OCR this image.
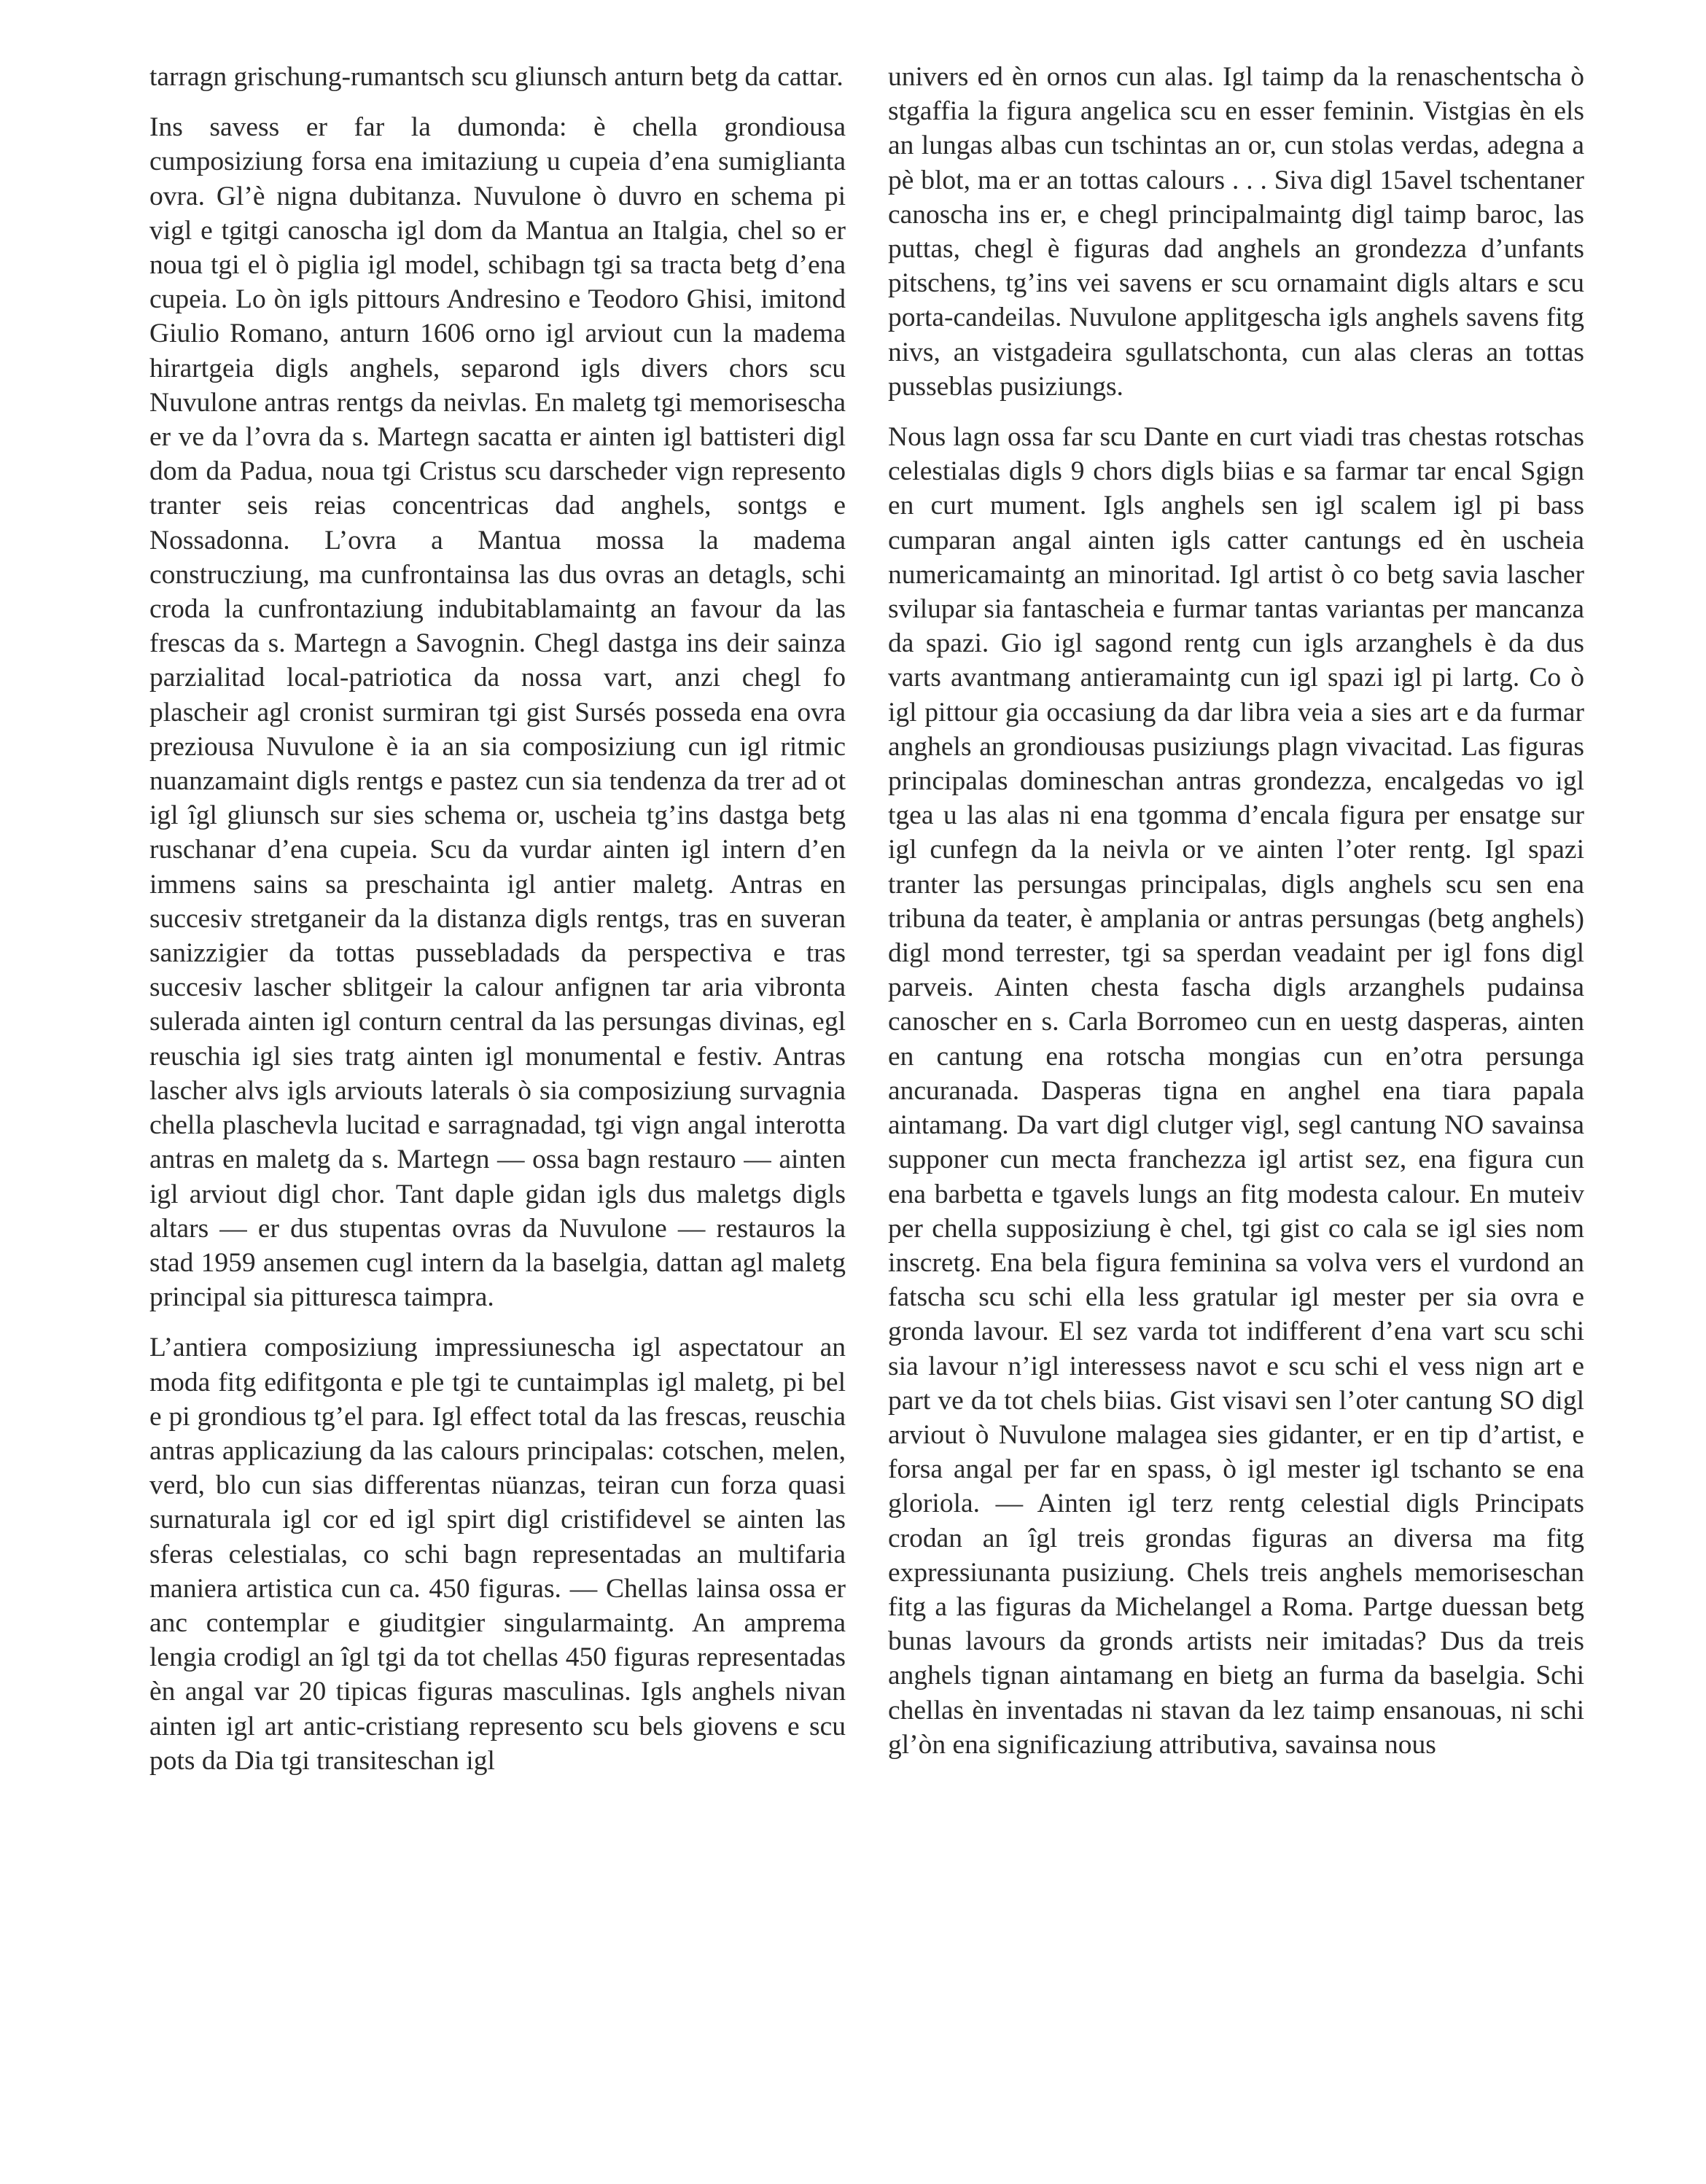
tarragn grischung-rumantsch scu gliunsch anturn betg da cattar.

Ins savess er far la dumonda: è chella grondiousa cumposiziung forsa ena imitaziung u cupeia d’ena sumiglianta ovra. Gl’è nigna dubitanza. Nuvulone ò duvro en schema pi vigl e tgitgi canoscha igl dom da Mantua an Italgia, chel so er noua tgi el ò piglia igl model, schibagn tgi sa tracta betg d’ena cupeia. Lo òn igls pittours Andresino e Teodoro Ghisi, imitond Giulio Romano, anturn 1606 orno igl arviout cun la madema hirartgeia digls anghels, separond igls divers chors scu Nuvulone antras rentgs da neivlas. En maletg tgi memorisescha er ve da l’ovra da s. Martegn sacatta er ainten igl battisteri digl dom da Padua, noua tgi Cristus scu darscheder vign represento tranter seis reias concentricas dad anghels, sontgs e Nossadonna. L’ovra a Mantua mossa la madema construcziung, ma cunfrontainsa las dus ovras an detagls, schi croda la cunfrontaziung indubitablamaintg an favour da las frescas da s. Martegn a Savognin. Chegl dastga ins deir sainza parzialitad local-patriotica da nossa vart, anzi chegl fo plascheir agl cronist surmiran tgi gist Sursés posseda ena ovra preziousa Nuvulone è ia an sia composiziung cun igl ritmic nuanzamaint digls rentgs e pastez cun sia tendenza da trer ad ot igl îgl gliunsch sur sies schema or, uscheia tg’ins dastga betg ruschanar d’ena cupeia. Scu da vurdar ainten igl intern d’en immens sains sa preschainta igl antier maletg. Antras en succesiv stretganeir da la distanza digls rentgs, tras en suveran sanizzigier da tottas pussebladads da perspectiva e tras succesiv lascher sblitgeir la calour anfignen tar aria vibronta sulerada ainten igl conturn central da las persungas divinas, egl reuschia igl sies tratg ainten igl monumental e festiv. Antras lascher alvs igls arviouts laterals ò sia composiziung survagnia chella plaschevla lucitad e sarragnadad, tgi vign angal interotta antras en maletg da s. Martegn — ossa bagn restauro — ainten igl arviout digl chor. Tant daple gidan igls dus maletgs digls altars — er dus stupentas ovras da Nuvulone — restauros la stad 1959 ansemen cugl intern da la baselgia, dattan agl maletg principal sia pitturesca taimpra.

L’antiera composiziung impressiunescha igl aspectatour an moda fitg edifitgonta e ple tgi te cuntaimplas igl maletg, pi bel e pi grondious tg’el para. Igl effect total da las frescas, reuschia antras applicaziung da las calours principalas: cotschen, melen, verd, blo cun sias differentas nüanzas, teiran cun forza quasi surnaturala igl cor ed igl spirt digl cristifidevel se ainten las sferas celestialas, co schi bagn representadas an multifaria maniera artistica cun ca. 450 figuras. — Chellas lainsa ossa er anc contemplar e giuditgier singularmaintg. An amprema lengia crodigl an îgl tgi da tot chellas 450 figuras representadas èn angal var 20 tipicas figuras masculinas. Igls anghels nivan ainten igl art antic-cristiang represento scu bels giovens e scu pots da Dia tgi transiteschan igl

univers ed èn ornos cun alas. Igl taimp da la renaschentscha ò stgaffia la figura angelica scu en esser feminin. Vistgias èn els an lungas albas cun tschintas an or, cun stolas verdas, adegna a pè blot, ma er an tottas calours . . . Siva digl 15avel tschentaner canoscha ins er, e chegl principalmaintg digl taimp baroc, las puttas, chegl è figuras dad anghels an grondezza d’unfants pitschens, tg’ins vei savens er scu ornamaint digls altars e scu porta-candeilas. Nuvulone applitgescha igls anghels savens fitg nivs, an vistgadeira sgullatschonta, cun alas cleras an tottas pusseblas pusiziungs.

Nous lagn ossa far scu Dante en curt viadi tras chestas rotschas celestialas digls 9 chors digls biias e sa farmar tar encal Sgign en curt mument. Igls anghels sen igl scalem igl pi bass cumparan angal ainten igls catter cantungs ed èn uscheia numericamaintg an minoritad. Igl artist ò co betg savia lascher svilupar sia fantascheia e furmar tantas variantas per mancanza da spazi. Gio igl sagond rentg cun igls arzanghels è da dus varts avantmang antieramaintg cun igl spazi igl pi lartg. Co ò igl pittour gia occasiung da dar libra veia a sies art e da furmar anghels an grondiousas pusiziungs plagn vivacitad. Las figuras principalas domineschan antras grondezza, encalgedas vo igl tgea u las alas ni ena tgomma d’encala figura per ensatge sur igl cunfegn da la neivla or ve ainten l’oter rentg. Igl spazi tranter las persungas principalas, digls anghels scu sen ena tribuna da teater, è amplania or antras persungas (betg anghels) digl mond terrester, tgi sa sperdan veadaint per igl fons digl parveis. Ainten chesta fascha digls arzanghels pudainsa canoscher en s. Carla Borromeo cun en uestg dasperas, ainten en cantung ena rotscha mongias cun en’otra persunga ancuranada. Dasperas tigna en anghel ena tiara papala aintamang. Da vart digl clutger vigl, segl cantung NO savainsa supponer cun mecta franchezza igl artist sez, ena figura cun ena barbetta e tgavels lungs an fitg modesta calour. En muteiv per chella supposiziung è chel, tgi gist co cala se igl sies nom inscretg. Ena bela figura feminina sa volva vers el vurdond an fatscha scu schi ella less gratular igl mester per sia ovra e gronda lavour. El sez varda tot indifferent d’ena vart scu schi sia lavour n’igl interessess navot e scu schi el vess nign art e part ve da tot chels biias. Gist visavi sen l’oter cantung SO digl arviout ò Nuvulone malagea sies gidanter, er en tip d’artist, e forsa angal per far en spass, ò igl mester igl tschanto se ena gloriola. — Ainten igl terz rentg celestial digls Principats crodan an îgl treis grondas figuras an diversa ma fitg expressiunanta pusiziung. Chels treis anghels memoriseschan fitg a las figuras da Michelangel a Roma. Partge duessan betg bunas lavours da gronds artists neir imitadas? Dus da treis anghels tignan aintamang en bietg an furma da baselgia. Schi chellas èn inventadas ni stavan da lez taimp ensanouas, ni schi gl’òn ena significaziung attributiva, savainsa nous
